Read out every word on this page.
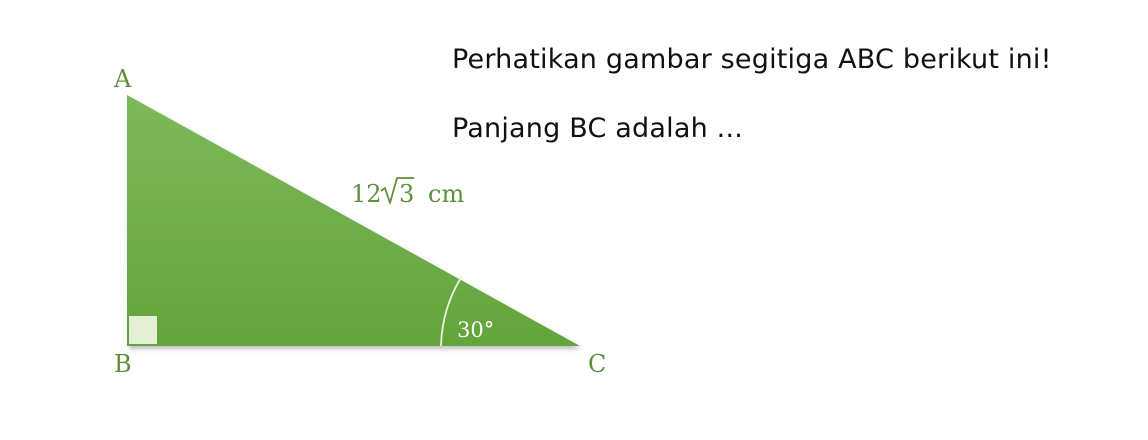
30°
A
B	C
12 3 cm
Perhatikan gambar segitiga ABC berikut ini!
Panjang BC adalah ...
